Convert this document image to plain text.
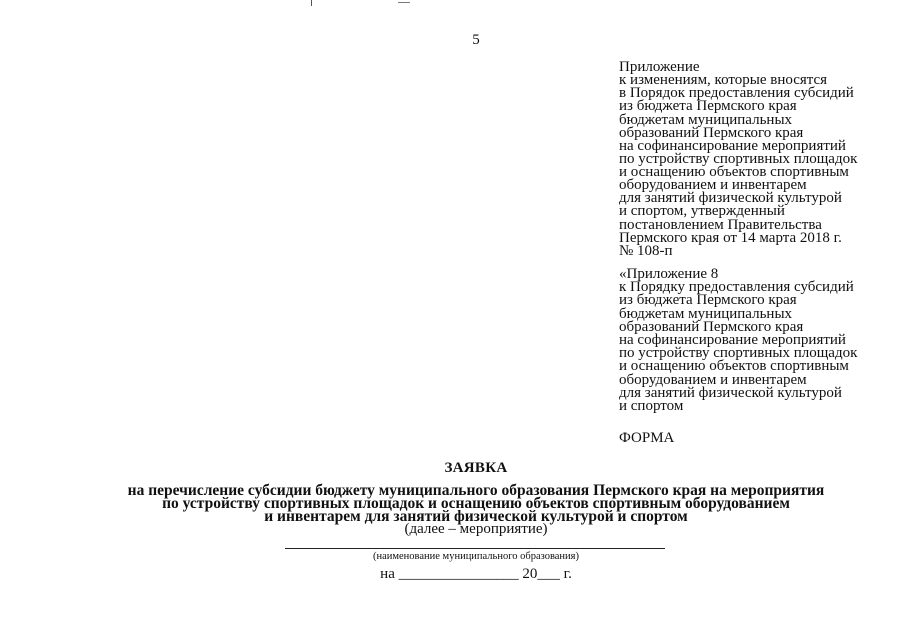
5
Приложение
к изменениям, которые вносятся
в Порядок предоставления субсидий
из бюджета Пермского края
бюджетам муниципальных
образований Пермского края
на софинансирование мероприятий
по устройству спортивных площадок
и оснащению объектов спортивным
оборудованием и инвентарем
для занятий физической культурой
и спортом, утвержденный
постановлением Правительства
Пермского края от 14 марта 2018 г.
№ 108-п
«Приложение 8
к Порядку предоставления субсидий
из бюджета Пермского края
бюджетам муниципальных
образований Пермского края
на софинансирование мероприятий
по устройству спортивных площадок
и оснащению объектов спортивным
оборудованием и инвентарем
для занятий физической культурой
и спортом
ФОРМА
ЗАЯВКА
на перечисление субсидии бюджету муниципального образования Пермского края на мероприятия
по устройству спортивных площадок и оснащению объектов спортивным оборудованием
и инвентарем для занятий физической культурой и спортом
(далее – мероприятие)
(наименование муниципального образования)
на ________________ 20___ г.
